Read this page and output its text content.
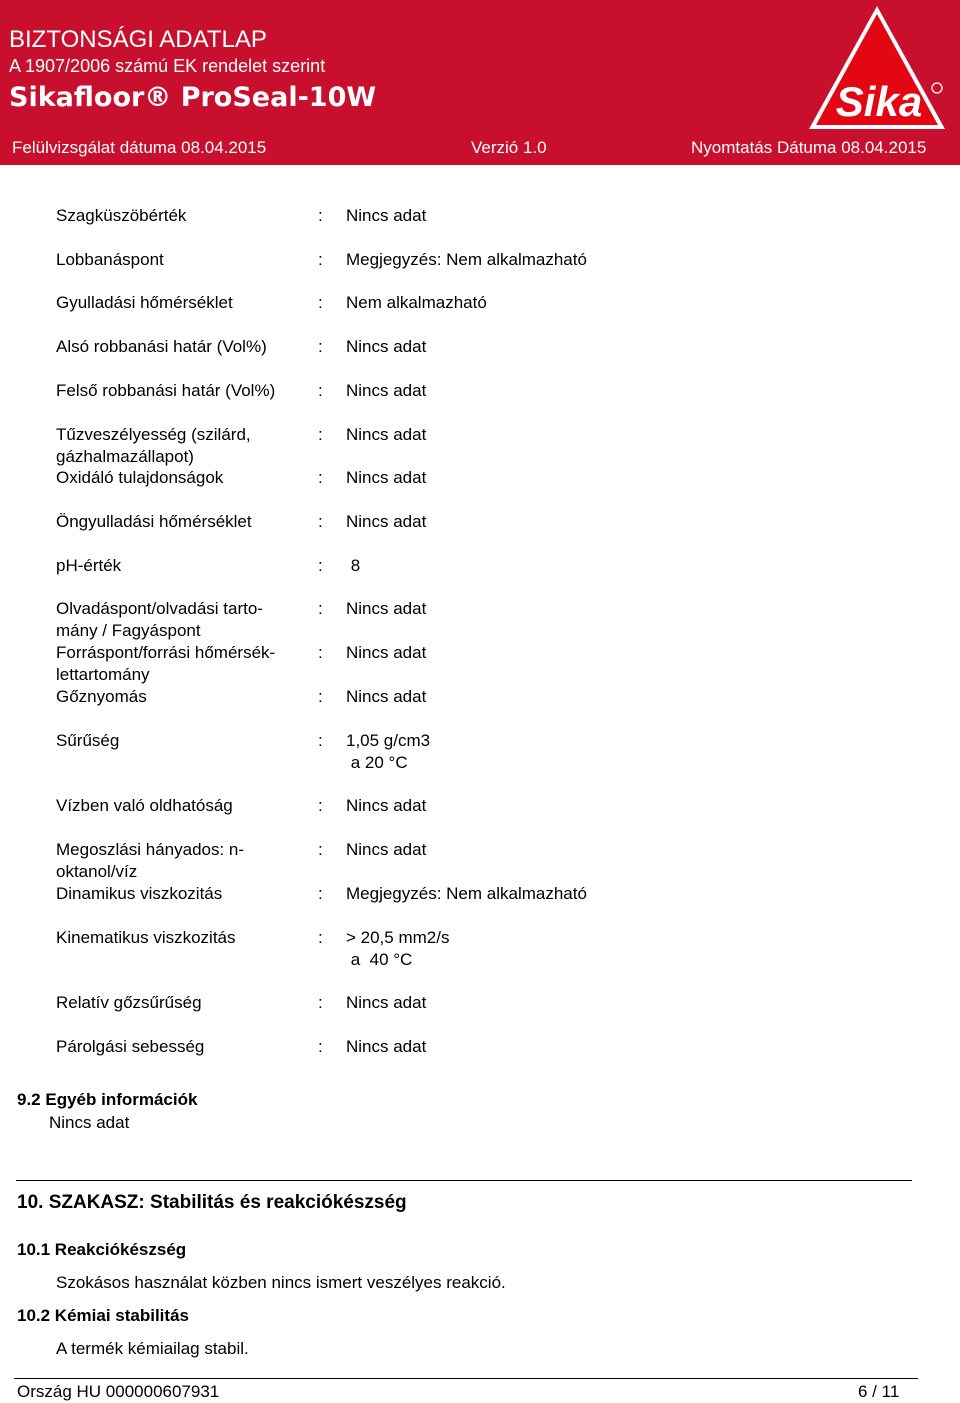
BIZTONSÁGI ADATLAP
A 1907/2006 számú EK rendelet szerint
Sikafloor® ProSeal-10W
Felülvizsgálat dátuma 08.04.2015	Verzió 1.0	Nyomtatás Dátuma 08.04.2015
Sika
Szagküszöbérték	: Nincs adat
Lobbanáspont	: Megjegyzés: Nem alkalmazható
Gyulladási hőmérséklet	: Nem alkalmazható
Alsó robbanási határ (Vol%)	: Nincs adat
Felső robbanási határ (Vol%)	: Nincs adat
Tűzveszélyesség (szilárd,
gázhalmazállapot)
: Nincs adat
Oxidáló tulajdonságok	: Nincs adat
Öngyulladási hőmérséklet	: Nincs adat
pH-érték	: 8
Olvadáspont/olvadási tarto-
mány / Fagyáspont
: Nincs adat
Forráspont/forrási hőmérsék-
lettartomány
: Nincs adat
Gőznyomás	: Nincs adat
Sűrűség	: 1,05 g/cm3
a 20 °C
Vízben való oldhatóság	: Nincs adat
Megoszlási hányados: n-
oktanol/víz
: Nincs adat
Dinamikus viszkozitás	: Megjegyzés: Nem alkalmazható
Kinematikus viszkozitás	: > 20,5 mm2/s
a  40 °C
Relatív gőzsűrűség	: Nincs adat
Párolgási sebesség	: Nincs adat
9.2 Egyéb információk
Nincs adat
10. SZAKASZ: Stabilitás és reakciókészség
10.1 Reakciókészség
Szokásos használat közben nincs ismert veszélyes reakció.
10.2 Kémiai stabilitás
A termék kémiailag stabil.
Ország HU 000000607931	6 / 11
